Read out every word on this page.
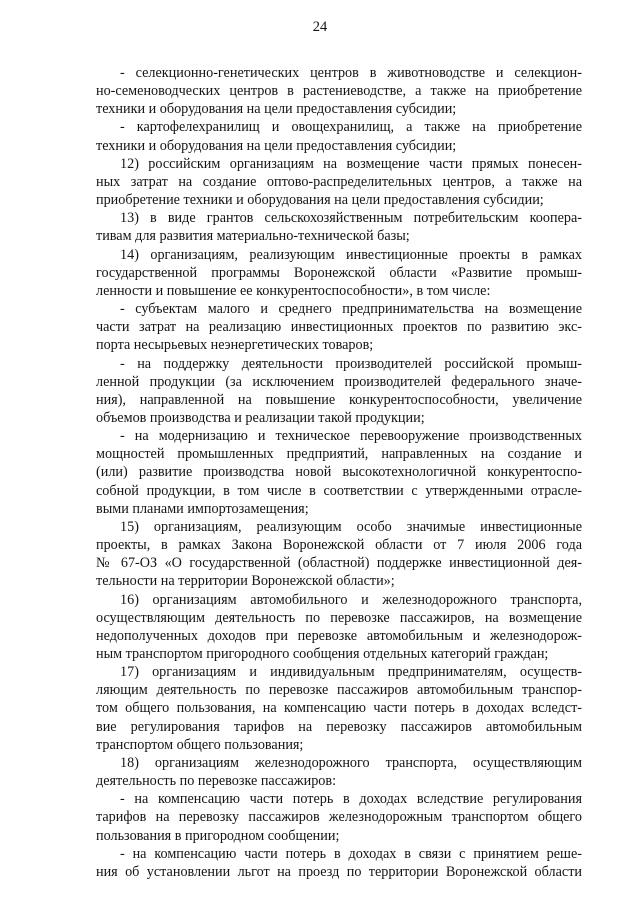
24
- селекционно-генетических центров в животноводстве и селекцион-
но-семеноводческих центров в растениеводстве, а также на приобретение
техники и оборудования на цели предоставления субсидии;
- картофелехранилищ и овощехранилищ, а также на приобретение
техники и оборудования на цели предоставления субсидии;
12) российским организациям на возмещение части прямых понесен-
ных затрат на создание оптово-распределительных центров, а также на
приобретение техники и оборудования на цели предоставления субсидии;
13) в виде грантов сельскохозяйственным потребительским коопера-
тивам для развития материально-технической базы;
14) организациям, реализующим инвестиционные проекты в рамках
государственной программы Воронежской области «Развитие промыш-
ленности и повышение ее конкурентоспособности», в том числе:
- субъектам малого и среднего предпринимательства на возмещение
части затрат на реализацию инвестиционных проектов по развитию экс-
порта несырьевых неэнергетических товаров;
- на поддержку деятельности производителей российской промыш-
ленной продукции (за исключением производителей федерального значе-
ния), направленной на повышение конкурентоспособности, увеличение
объемов производства и реализации такой продукции;
- на модернизацию и техническое перевооружение производственных
мощностей промышленных предприятий, направленных на создание и
(или) развитие производства новой высокотехнологичной конкурентоспо-
собной продукции, в том числе в соответствии с утвержденными отрасле-
выми планами импортозамещения;
15) организациям, реализующим особо значимые инвестиционные
проекты, в рамках Закона Воронежской области от 7 июля 2006 года
№ 67-ОЗ «О государственной (областной) поддержке инвестиционной дея-
тельности на территории Воронежской области»;
16) организациям автомобильного и железнодорожного транспорта,
осуществляющим деятельность по перевозке пассажиров, на возмещение
недополученных доходов при перевозке автомобильным и железнодорож-
ным транспортом пригородного сообщения отдельных категорий граждан;
17) организациям и индивидуальным предпринимателям, осуществ-
ляющим деятельность по перевозке пассажиров автомобильным транспор-
том общего пользования, на компенсацию части потерь в доходах вследст-
вие регулирования тарифов на перевозку пассажиров автомобильным
транспортом общего пользования;
18) организациям железнодорожного транспорта, осуществляющим
деятельность по перевозке пассажиров:
- на компенсацию части потерь в доходах вследствие регулирования
тарифов на перевозку пассажиров железнодорожным транспортом общего
пользования в пригородном сообщении;
- на компенсацию части потерь в доходах в связи с принятием реше-
ния об установлении льгот на проезд по территории Воронежской области
